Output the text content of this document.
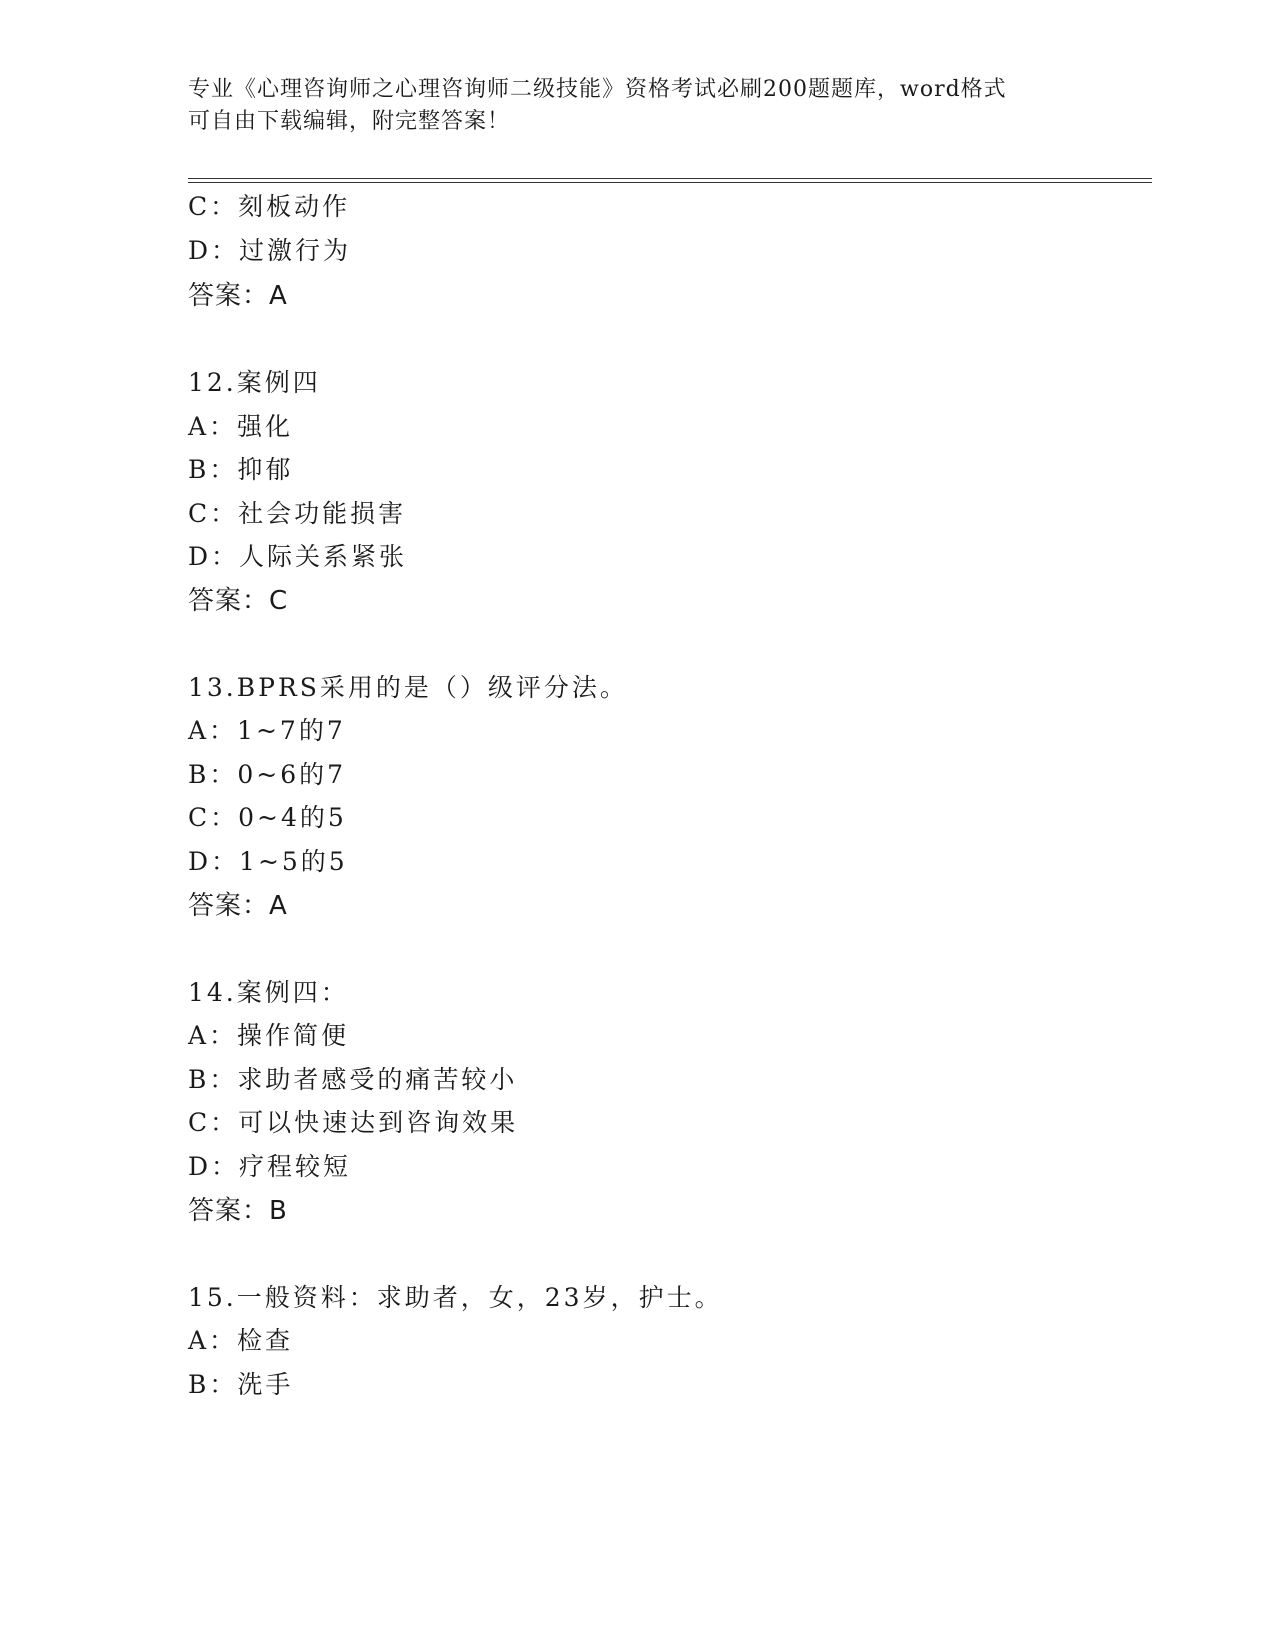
专业《心理咨询师之心理咨询师二级技能》资格考试必刷200题题库，word格式
可自由下载编辑，附完整答案！
C：刻板动作
D：过激行为
答案：A
12.案例四
A：强化
B：抑郁
C：社会功能损害
D：人际关系紧张
答案：C
13.BPRS采用的是（）级评分法。
A：1~7的7
B：0~6的7
C：0~4的5
D：1~5的5
答案：A
14.案例四：
A：操作简便
B：求助者感受的痛苦较小
C：可以快速达到咨询效果
D：疗程较短
答案：B
15.一般资料：求助者，女，23岁，护士。
A：检查
B：洗手
